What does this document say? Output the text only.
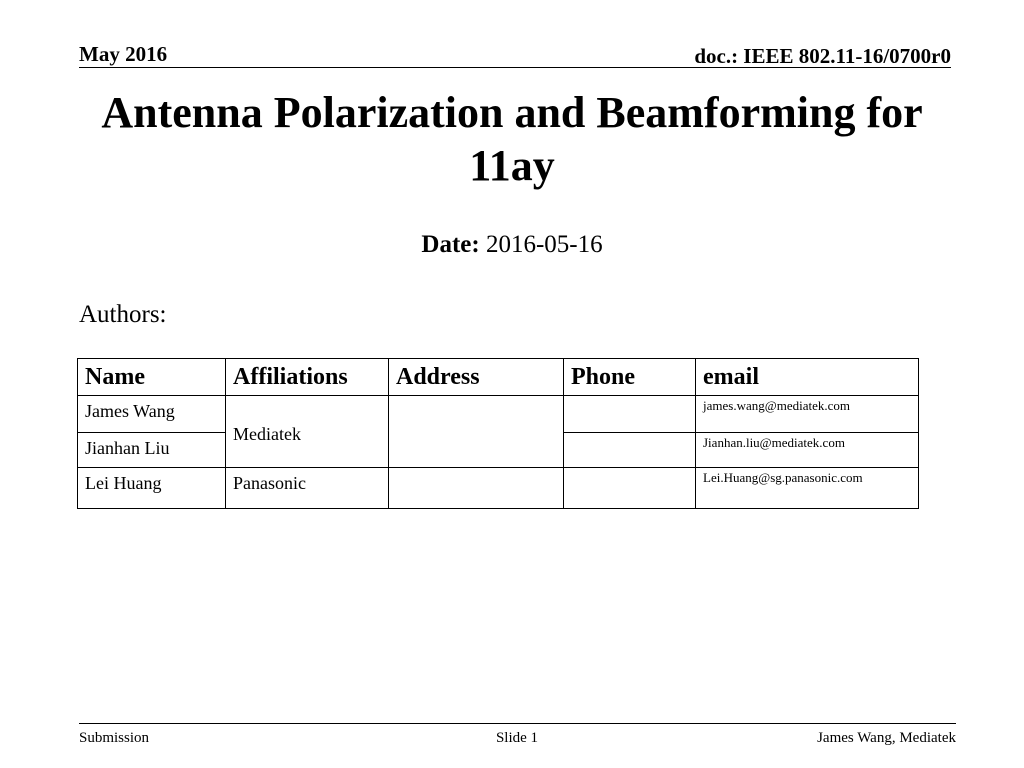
May 2016	doc.: IEEE 802.11-16/0700r0
Antenna Polarization and Beamforming for
11ay
Date: 2016-05-16
Authors:
Name	Affiliations	Address	Phone	email
James Wang	Mediatek			james.wang@mediatek.com
Jianhan Liu				Jianhan.liu@mediatek.com
Lei Huang	Panasonic			Lei.Huang@sg.panasonic.com
Submission	Slide 1	James Wang, Mediatek
